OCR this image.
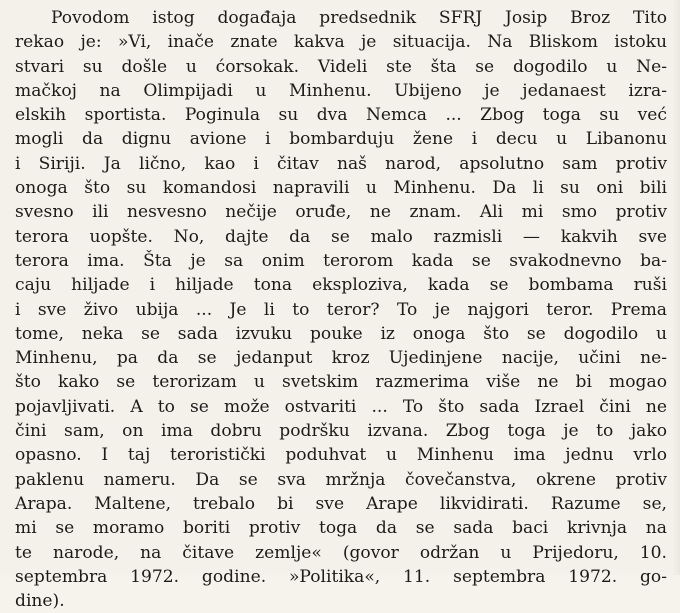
Povodom istog događaja predsednik SFRJ Josip Broz Tito
rekao je: »Vi, inače znate kakva je situacija. Na Bliskom istoku
stvari su došle u ćorsokak. Videli ste šta se dogodilo u Ne-
mačkoj na Olimpijadi u Minhenu. Ubijeno je jedanaest izra-
elskih sportista. Poginula su dva Nemca ... Zbog toga su već
mogli da dignu avione i bombarduju žene i decu u Libanonu
i Siriji. Ja lično, kao i čitav naš narod, apsolutno sam protiv
onoga što su komandosi napravili u Minhenu. Da li su oni bili
svesno ili nesvesno nečije oruđe, ne znam. Ali mi smo protiv
terora uopšte. No, dajte da se malo razmisli — kakvih sve
terora ima. Šta je sa onim terorom kada se svakodnevno ba-
caju hiljade i hiljade tona eksploziva, kada se bombama ruši
i sve živo ubija ... Je li to teror? To je najgori teror. Prema
tome, neka se sada izvuku pouke iz onoga što se dogodilo u
Minhenu, pa da se jedanput kroz Ujedinjene nacije, učini ne-
što kako se terorizam u svetskim razmerima više ne bi mogao
pojavljivati. A to se može ostvariti ... To što sada Izrael čini ne
čini sam, on ima dobru podršku izvana. Zbog toga je to jako
opasno. I taj teroristički poduhvat u Minhenu ima jednu vrlo
paklenu nameru. Da se sva mržnja čovečanstva, okrene protiv
Arapa. Maltene, trebalo bi sve Arape likvidirati. Razume se,
mi se moramo boriti protiv toga da se sada baci krivnja na
te narode, na čitave zemlje« (govor održan u Prijedoru, 10.
septembra 1972. godine. »Politika«, 11. septembra 1972. go-
dine).
